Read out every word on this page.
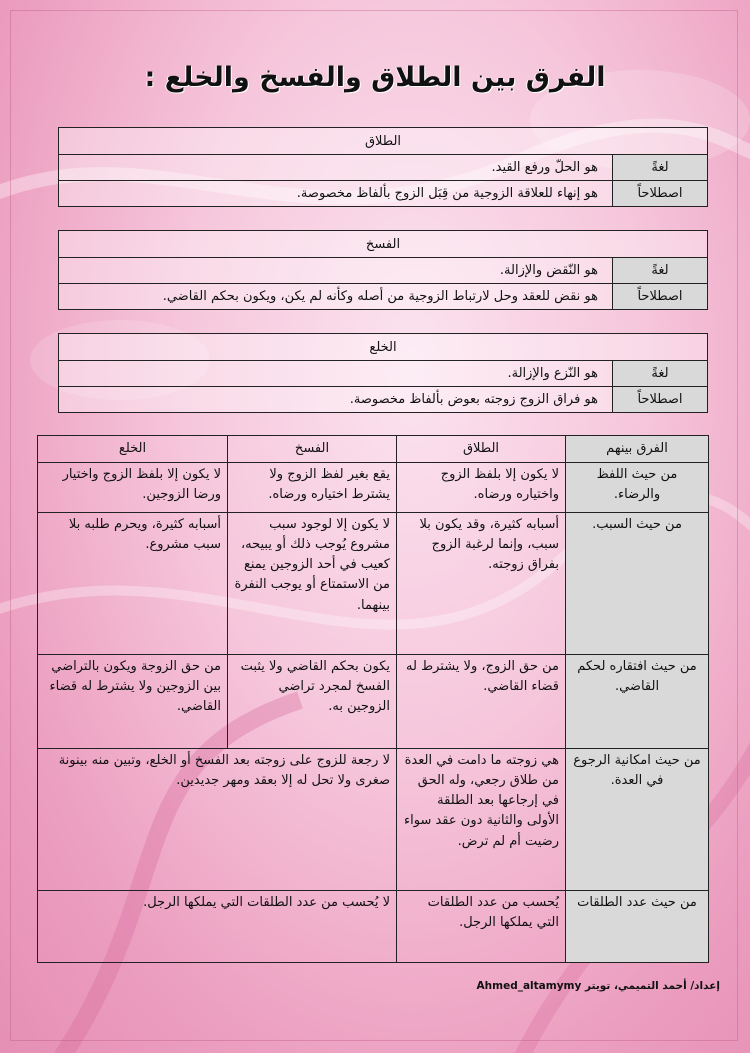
الفرق بين الطلاق والفسخ والخلع :
الطلاق	
لغةً	هو الحلّ ورفع القيد.
اصطلاحاً	هو إنهاء للعلاقة الزوجية من قِبَل الزوج بألفاظ مخصوصة.
الفسخ	
لغةً	هو النّقض والإزالة.
اصطلاحاً	هو نقض للعقد وحل لارتباط الزوجية من أصله وكأنه لم يكن، ويكون بحكم القاضي.
الخلع	
لغةً	هو النّزع والإزالة.
اصطلاحاً	هو فراق الزوج زوجته بعوض بألفاظ مخصوصة.
الفرق بينهم	الطلاق	الفسخ	الخلع
من حيث اللفظ والرضاء.	لا يكون إلا بلفظ الزوج واختياره ورضاه.	يقع بغير لفظ الزوج ولا يشترط اختياره ورضاه.	لا يكون إلا بلفظ الزوج واختيار ورضا الزوجين.
من حيث السبب.	أسبابه كثيرة، وقد يكون بلا سبب، وإنما لرغبة الزوج بفراق زوجته.	لا يكون إلا لوجود سبب مشروع يُوجب ذلك أو يبيحه، كعيب في أحد الزوجين يمنع من الاستمتاع أو يوجب النفرة بينهما.	أسبابه كثيرة، ويحرم طلبه بلا سبب مشروع.
من حيث افتقاره لحكم القاضي.	من حق الزوج، ولا يشترط له قضاء القاضي.	يكون بحكم القاضي ولا يثبت الفسخ لمجرد تراضي الزوجين به.	من حق الزوجة ويكون بالتراضي بين الزوجين ولا يشترط له قضاء القاضي.
من حيث امكانية الرجوع في العدة.	هي زوجته ما دامت في العدة من طلاق رجعي، وله الحق في إرجاعها بعد الطلقة الأولى والثانية دون عقد سواء رضيت أم لم ترض.	لا رجعة للزوج على زوجته بعد الفسخ أو الخلع، وتبين منه بينونة صغرى ولا تحل له إلا بعقد ومهر جديدين.	
من حيث عدد الطلقات	يُحسب من عدد الطلقات التي يملكها الرجل.	لا يُحسب من عدد الطلقات التي يملكها الرجل.	
إعداد/ أحمد التميمي، تويتر Ahmed_altamymy
